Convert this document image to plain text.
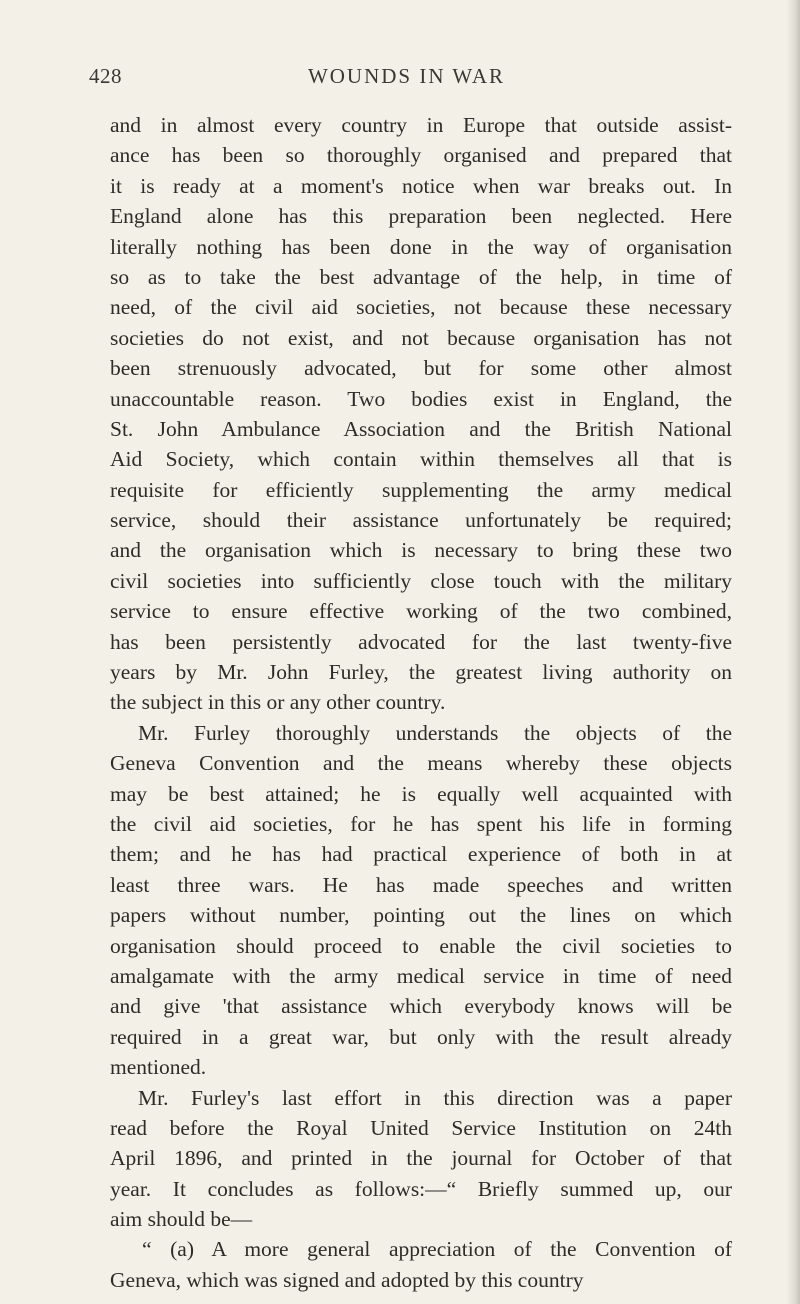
428	WOUNDS IN WAR
and in almost every country in Europe that outside assist-
ance has been so thoroughly organised and prepared that
it is ready at a moment's notice when war breaks out. In
England alone has this preparation been neglected. Here
literally nothing has been done in the way of organisation
so as to take the best advantage of the help, in time of
need, of the civil aid societies, not because these necessary
societies do not exist, and not because organisation has not
been strenuously advocated, but for some other almost
unaccountable reason. Two bodies exist in England, the
St. John Ambulance Association and the British National
Aid Society, which contain within themselves all that is
requisite for efficiently supplementing the army medical
service, should their assistance unfortunately be required;
and the organisation which is necessary to bring these two
civil societies into sufficiently close touch with the military
service to ensure effective working of the two combined,
has been persistently advocated for the last twenty-five
years by Mr. John Furley, the greatest living authority on
the subject in this or any other country.
Mr. Furley thoroughly understands the objects of the
Geneva Convention and the means whereby these objects
may be best attained; he is equally well acquainted with
the civil aid societies, for he has spent his life in forming
them; and he has had practical experience of both in at
least three wars. He has made speeches and written
papers without number, pointing out the lines on which
organisation should proceed to enable the civil societies to
amalgamate with the army medical service in time of need
and give 'that assistance which everybody knows will be
required in a great war, but only with the result already
mentioned.
Mr. Furley's last effort in this direction was a paper
read before the Royal United Service Institution on 24th
April 1896, and printed in the journal for October of that
year. It concludes as follows:—“ Briefly summed up, our
aim should be—
“ (a) A more general appreciation of the Convention of
Geneva, which was signed and adopted by this country
